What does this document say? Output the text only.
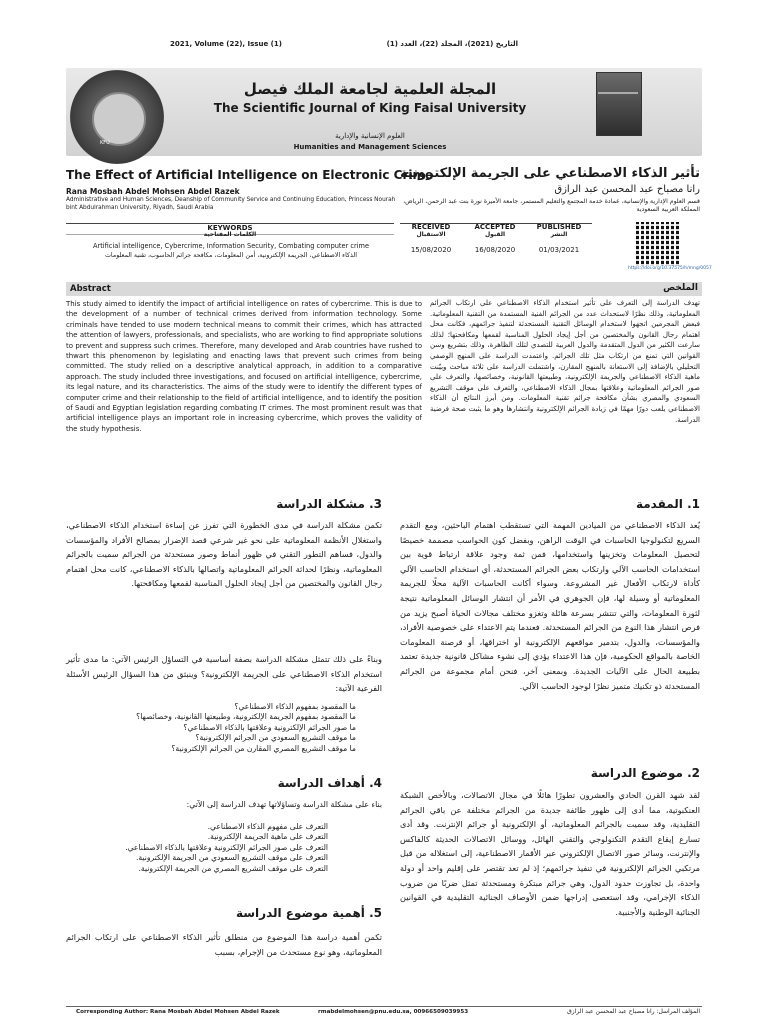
2021, Volume (22), Issue (1)	التاريخ (2021)، المجلد (22)، العدد (1)
KFU
المجلة العلمية لجامعة الملك فيصل
The Scientific Journal of King Faisal University
العلوم الإنسانية والإدارية
Humanities and Management Sciences
The Effect of Artificial Intelligence on Electronic Crime
تأثير الذكاء الاصطناعي على الجريمة الإلكترونية
Rana Mosbah Abdel Mohsen Abdel Razek	رانا مصباح عبد المحسن عبد الرازق
Administrative and Human Sciences, Deanship of Community Service and Continuing Education, Princess Nourah bint Abdulrahman University, Riyadh, Saudi Arabia
قسم العلوم الإدارية والإنسانية، عمادة خدمة المجتمع والتعليم المستمر، جامعة الأميرة نورة بنت عبد الرحمن، الرياض، المملكة العربية السعودية
KEYWORDS
الكلمات المفتاحية
Artificial intelligence, Cybercrime, Information Security, Combating computer crime
الذكاء الاصطناعي، الجريمة الإلكترونية، أمن المعلومات، مكافحة جرائم الحاسوب، تقنية المعلومات
RECEIVED
الاستقبال
15/08/2020
ACCEPTED
القبول
16/08/2020
PUBLISHED
النشر
01/03/2021
https://doi.org/10.37575/h/mng/0057
Abstract	الملخص
This study aimed to identify the impact of artificial intelligence on rates of cybercrime. This is due to the development of a number of technical crimes derived from information technology. Some criminals have tended to use modern technical means to commit their crimes, which has attracted the attention of lawyers, professionals, and specialists, who are working to find appropriate solutions to prevent and suppress such crimes. Therefore, many developed and Arab countries have rushed to thwart this phenomenon by legislating and enacting laws that prevent such crimes from being committed. The study relied on a descriptive analytical approach, in addition to a comparative approach. The study included three investigations, and focused on artificial intelligence, cybercrime, its legal nature, and its characteristics. The aims of the study were to identify the different types of computer crime and their relationship to the field of artificial intelligence, and to identify the position of Saudi and Egyptian legislation regarding combating IT crimes. The most prominent result was that artificial intelligence plays an important role in increasing cybercrime, which proves the validity of the study hypothesis.
تهدف الدراسة إلى التعرف على تأثير استخدام الذكاء الاصطناعي على ارتكاب الجرائم المعلوماتية، وذلك نظرًا لاستحداث عدد من الجرائم الفنية المستمدة من التقنية المعلوماتية. فبعض المجرمين اتجهوا لاستخدام الوسائل التقنية المستحدثة لتنفيذ جرائمهم، فكانت محل اهتمام رجال القانون والمختصين من أجل إيجاد الحلول المناسبة لقمعها ومكافحتها؛ لذلك سارعت الكثير من الدول المتقدمة والدول العربية للتصدي لتلك الظاهرة، وذلك بتشريع وسن القوانين التي تمنع من ارتكاب مثل تلك الجرائم. واعتمدت الدراسة على المنهج الوصفي التحليلي بالإضافة إلى الاستعانة بالمنهج المقارن، واشتملت الدراسة على ثلاثة مباحث وبيّنت ماهية الذكاء الاصطناعي والجريمة الإلكترونية، وطبيعتها القانونية، وخصائصها، والتعرف على صور الجرائم المعلوماتية وعلاقتها بمجال الذكاء الاصطناعي، والتعرف على موقف التشريع السعودي والمصري بشأن مكافحة جرائم تقنية المعلومات. ومن أبرز النتائج أن الذكاء الاصطناعي يلعب دورًا مهمًا في زيادة الجرائم الإلكترونية وانتشارها وهو ما يثبت صحة فرضية الدراسة.
1. المقدمة
يُعد الذكاء الاصطناعي من الميادين المهمة التي تستقطب اهتمام الباحثين، ومع التقدم السريع لتكنولوجيا الحاسبات في الوقت الراهن، وبفضل كون الحواسب مصممة خصيصًا لتحصيل المعلومات وتخزينها واستخدامها، فمن ثمة وجود علاقة ارتباط قوية بين استخدامات الحاسب الآلي وارتكاب بعض الجرائم المستحدثة، أي استخدام الحاسب الآلي كأداة لارتكاب الأفعال غير المشروعة. وسواء أكانت الحاسبات الآلية محلًا للجريمة المعلوماتية أو وسيلة لها، فإن الجوهري في الأمر أن انتشار الوسائل المعلوماتية نتيجة لثورة المعلومات، والتي تنتشر بسرعة هائلة وتغزو مختلف مجالات الحياة أصبح يزيد من فرص انتشار هذا النوع من الجرائم المستحدثة. فعندما يتم الاعتداء على خصوصية الأفراد، والمؤسسات، والدول، بتدمير مواقعهم الإلكترونية أو اختراقها، أو قرصنة المعلومات الخاصة بالمواقع الحكومية، فإن هذا الاعتداء يؤدي إلى نشوء مشاكل قانونية جديدة تعتمد بطبيعة الحال على الآليات الجديدة. وبمعنى آخر، فنحن أمام مجموعة من الجرائم المستحدثة ذو تكنيك متميز نظرًا لوجود الحاسب الآلي.
2. موضوع الدراسة
لقد شهد القرن الحادي والعشرون تطورًا هائلًا في مجال الاتصالات، وبالأخص الشبكة العنكبوتية، مما أدى إلى ظهور طائفة جديدة من الجرائم مختلفة عن باقي الجرائم التقليدية، وقد سميت بالجرائم المعلوماتية، أو الإلكترونية أو جرائم الإنترنت. وقد أدى تسارع إيقاع التقدم التكنولوجي والتقني الهائل، ووسائل الاتصالات الحديثة كالفاكس والإنترنت، وسائر صور الاتصال الإلكتروني عبر الأقمار الاصطناعية، إلى استغلاله من قبل مرتكبي الجرائم الإلكترونية في تنفيذ جرائمهم؛ إذ لم تعد تقتصر على إقليم واحد أو دولة واحدة، بل تجاوزت حدود الدول، وهي جرائم مبتكرة ومستحدثة تمثل ضربًا من ضروب الذكاء الإجرامي، وقد استعصى إدراجها ضمن الأوصاف الجنائية التقليدية في القوانين الجنائية الوطنية والأجنبية.
3. مشكلة الدراسة
تكمن مشكلة الدراسة في مدى الخطورة التي تفرز عن إساءة استخدام الذكاء الاصطناعي، واستغلال الأنظمة المعلوماتية على نحو غير شرعي قصد الإضرار بمصالح الأفراد والمؤسسات والدول، فساهم التطور التقني في ظهور أنماط وصور مستحدثة من الجرائم سميت بالجرائم المعلوماتية، ونظرًا لحداثة الجرائم المعلوماتية واتصالها بالذكاء الاصطناعي، كانت محل اهتمام رجال القانون والمختصين من أجل إيجاد الحلول المناسبة لقمعها ومكافحتها.
وبناءً على ذلك تتمثل مشكلة الدراسة بصفة أساسية في التساؤل الرئيس الآتي: ما مدى تأثير استخدام الذكاء الاصطناعي على الجريمة الإلكترونية؟ وينبثق من هذا السؤال الرئيس الأسئلة الفرعية الآتية:
ما المقصود بمفهوم الذكاء الاصطناعي؟
ما المقصود بمفهوم الجريمة الإلكترونية، وطبيعتها القانونية، وخصائصها؟
ما صور الجرائم الإلكترونية وعلاقتها بالذكاء الاصطناعي؟
ما موقف التشريع السعودي من الجرائم الإلكترونية؟
ما موقف التشريع المصري المقارن من الجرائم الإلكترونية؟
4. أهداف الدراسة
بناء على مشكلة الدراسة وتساؤلاتها تهدف الدراسة إلى الآتي:
التعرف على مفهوم الذكاء الاصطناعي.
التعرف على ماهية الجريمة الإلكترونية.
التعرف على صور الجرائم الإلكترونية وعلاقتها بالذكاء الاصطناعي.
التعرف على موقف التشريع السعودي من الجريمة الإلكترونية.
التعرف على موقف التشريع المصري من الجريمة الإلكترونية.
5. أهمية موضوع الدراسة
تكمن أهمية دراسة هذا الموضوع من منطلق تأثير الذكاء الاصطناعي على ارتكاب الجرائم المعلوماتية، وهو نوع مستحدث من الإجرام، بسبب
Corresponding Author: Rana Mosbah Abdel Mohsen Abdel Razek	rmabdelmohsen@pnu.edu.sa, 00966509039953	المؤلف المراسل: رانا مصباح عبد المحسن عبد الرازق
